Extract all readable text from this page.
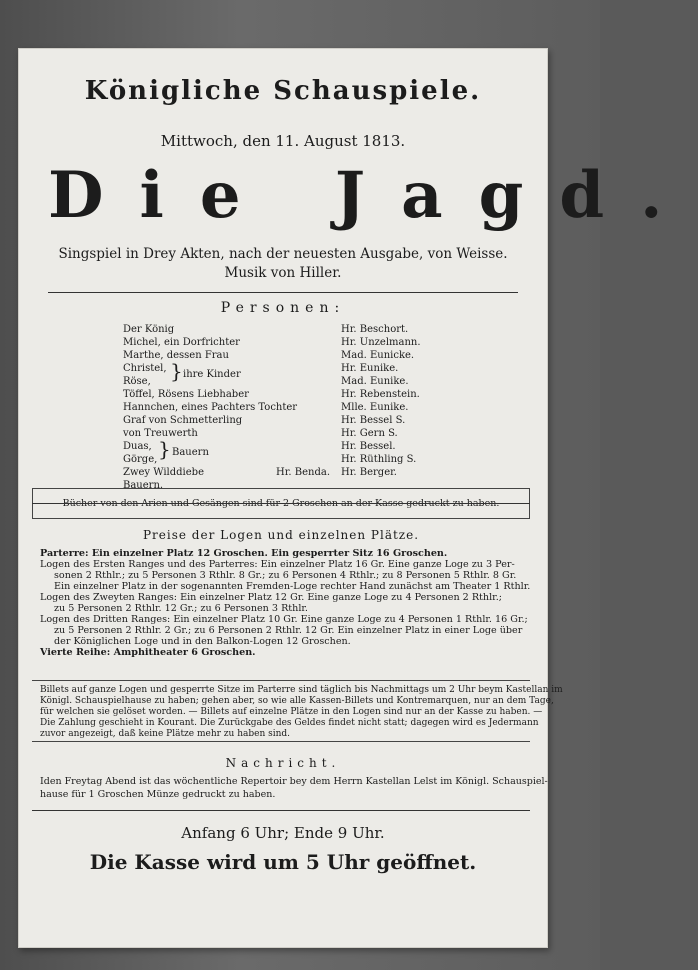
Königliche Schauspiele.
Mittwoch, den 11. August 1813.
Die Jagd.
Singspiel in Drey Akten, nach der neuesten Ausgabe, von Weisse.
Musik von Hiller.
Personen:
Der König	Hr. Beschort.
Michel, ein Dorfrichter	Hr. Unzelmann.
Marthe, dessen Frau	Mad. Eunicke.
Christel,	Hr. Eunike.
Röse,	Mad. Eunike.
} ihre Kinder
Töffel, Rösens Liebhaber	Hr. Rebenstein.
Hannchen, eines Pachters Tochter	Mlle. Eunike.
Graf von Schmetterling	Hr. Bessel S.
von Treuwerth	Hr. Gern S.
Duas,	Hr. Bessel.
Görge,	Hr. Rüthling S.
} Bauern
Zwey Wilddiebe	Hr. Benda. Hr. Berger.
Bauern.
Bücher von den Arien und Gesängen sind für 2 Groschen an der Kasse gedruckt zu haben.
Preise der Logen und einzelnen Plätze.
Parterre: Ein einzelner Platz 12 Groschen. Ein gesperrter Sitz 16 Groschen.
Logen des Ersten Ranges und des Parterres: Ein einzelner Platz 16 Gr. Eine ganze Loge zu 3 Per-
sonen 2 Rthlr.; zu 5 Personen 3 Rthlr. 8 Gr.; zu 6 Personen 4 Rthlr.; zu 8 Personen 5 Rthlr. 8 Gr.
Ein einzelner Platz in der sogenannten Fremden-Loge rechter Hand zunächst am Theater 1 Rthlr.
Logen des Zweyten Ranges: Ein einzelner Platz 12 Gr. Eine ganze Loge zu 4 Personen 2 Rthlr.;
zu 5 Personen 2 Rthlr. 12 Gr.; zu 6 Personen 3 Rthlr.
Logen des Dritten Ranges: Ein einzelner Platz 10 Gr. Eine ganze Loge zu 4 Personen 1 Rthlr. 16 Gr.;
zu 5 Personen 2 Rthlr. 2 Gr.; zu 6 Personen 2 Rthlr. 12 Gr. Ein einzelner Platz in einer Loge über
der Königlichen Loge und in den Balkon-Logen 12 Groschen.
Vierte Reihe: Amphitheater 6 Groschen.
Billets auf ganze Logen und gesperrte Sitze im Parterre sind täglich bis Nachmittags um 2 Uhr beym Kastellan im
Königl. Schauspielhause zu haben; gehen aber, so wie alle Kassen-Billets und Kontremarquen, nur an dem Tage,
für welchen sie gelöset worden. — Billets auf einzelne Plätze in den Logen sind nur an der Kasse zu haben. —
Die Zahlung geschieht in Kourant. Die Zurückgabe des Geldes findet nicht statt; dagegen wird es Jedermann
zuvor angezeigt, daß keine Plätze mehr zu haben sind.
Nachricht.
Iden Freytag Abend ist das wöchentliche Repertoir bey dem Herrn Kastellan Lelst im Königl. Schauspiel-
hause für 1 Groschen Münze gedruckt zu haben.
Anfang 6 Uhr; Ende 9 Uhr.
Die Kasse wird um 5 Uhr geöffnet.
